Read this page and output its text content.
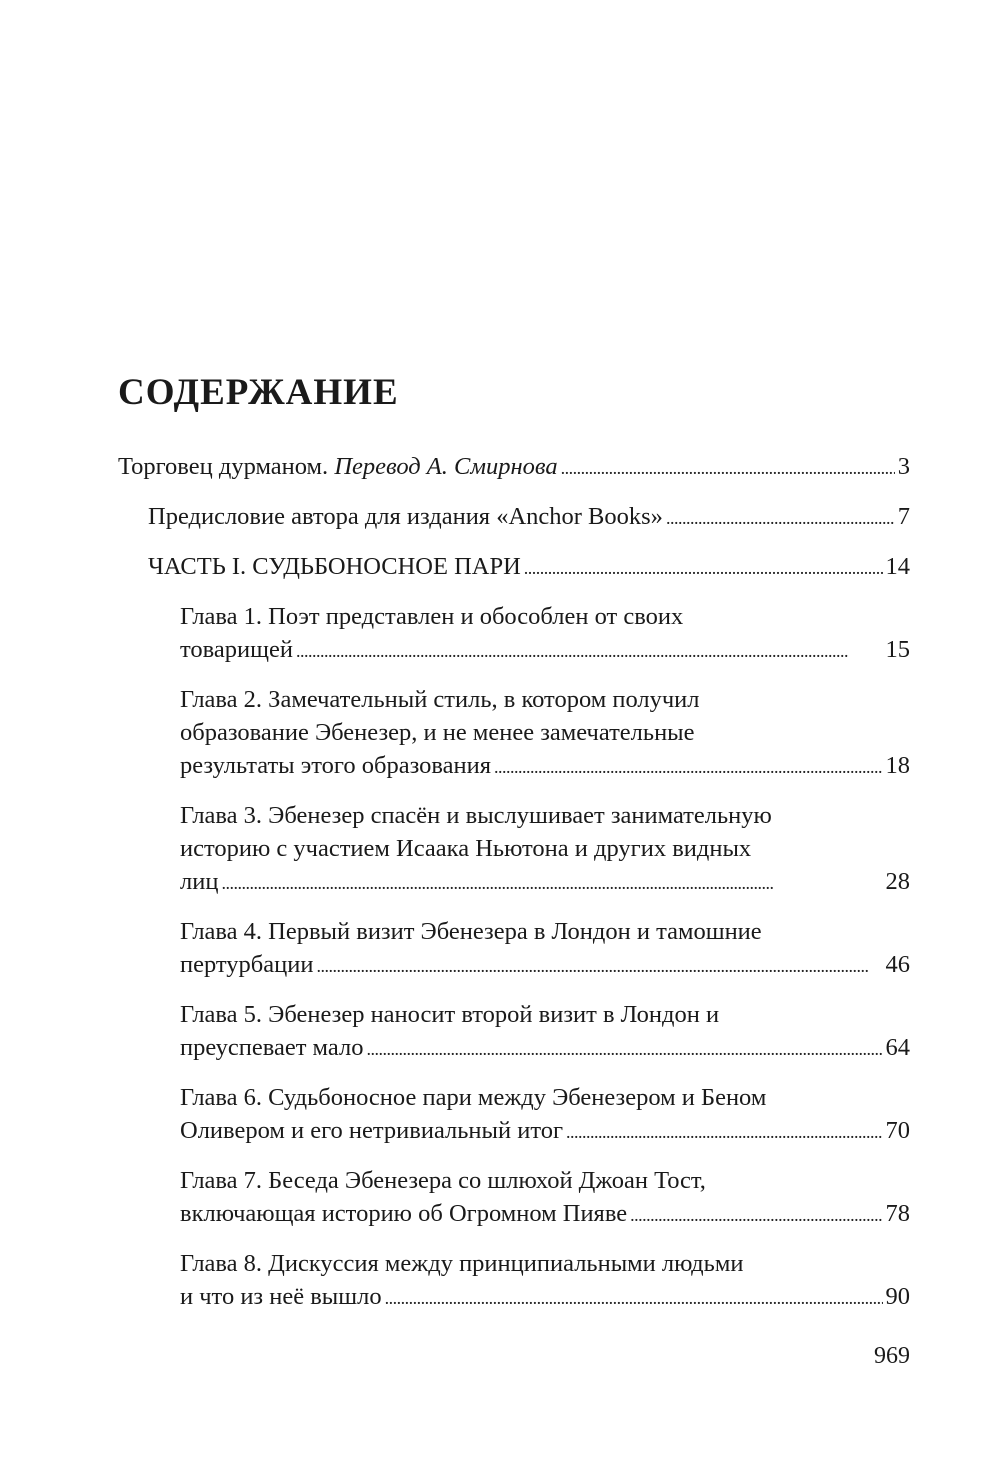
СОДЕРЖАНИЕ
Торговец дурманом. Перевод А. Смирнова . . .	3
Предисловие автора для издания «Anchor Books» . . .	7
ЧАСТЬ I. СУДЬБОНОСНОЕ ПАРИ . . .	14
Глава 1. Поэт представлен и обособлен от своих
товарищей . . .	15
Глава 2. Замечательный стиль, в котором получил
образование Эбенезер, и не менее замечательные
результаты этого образования . . .	18
Глава 3. Эбенезер спасён и выслушивает занимательную
историю с участием Исаака Ньютона и других видных
лиц . . .	28
Глава 4. Первый визит Эбенезера в Лондон и тамошние
пертурбации . . .	46
Глава 5. Эбенезер наносит второй визит в Лондон и
преуспевает мало . . .	64
Глава 6. Судьбоносное пари между Эбенезером и Беном
Оливером и его нетривиальный итог . . .	70
Глава 7. Беседа Эбенезера со шлюхой Джоан Тост,
включающая историю об Огромном Пияве . . .	78
Глава 8. Дискуссия между принципиальными людьми
и что из неё вышло . . .	90
969
